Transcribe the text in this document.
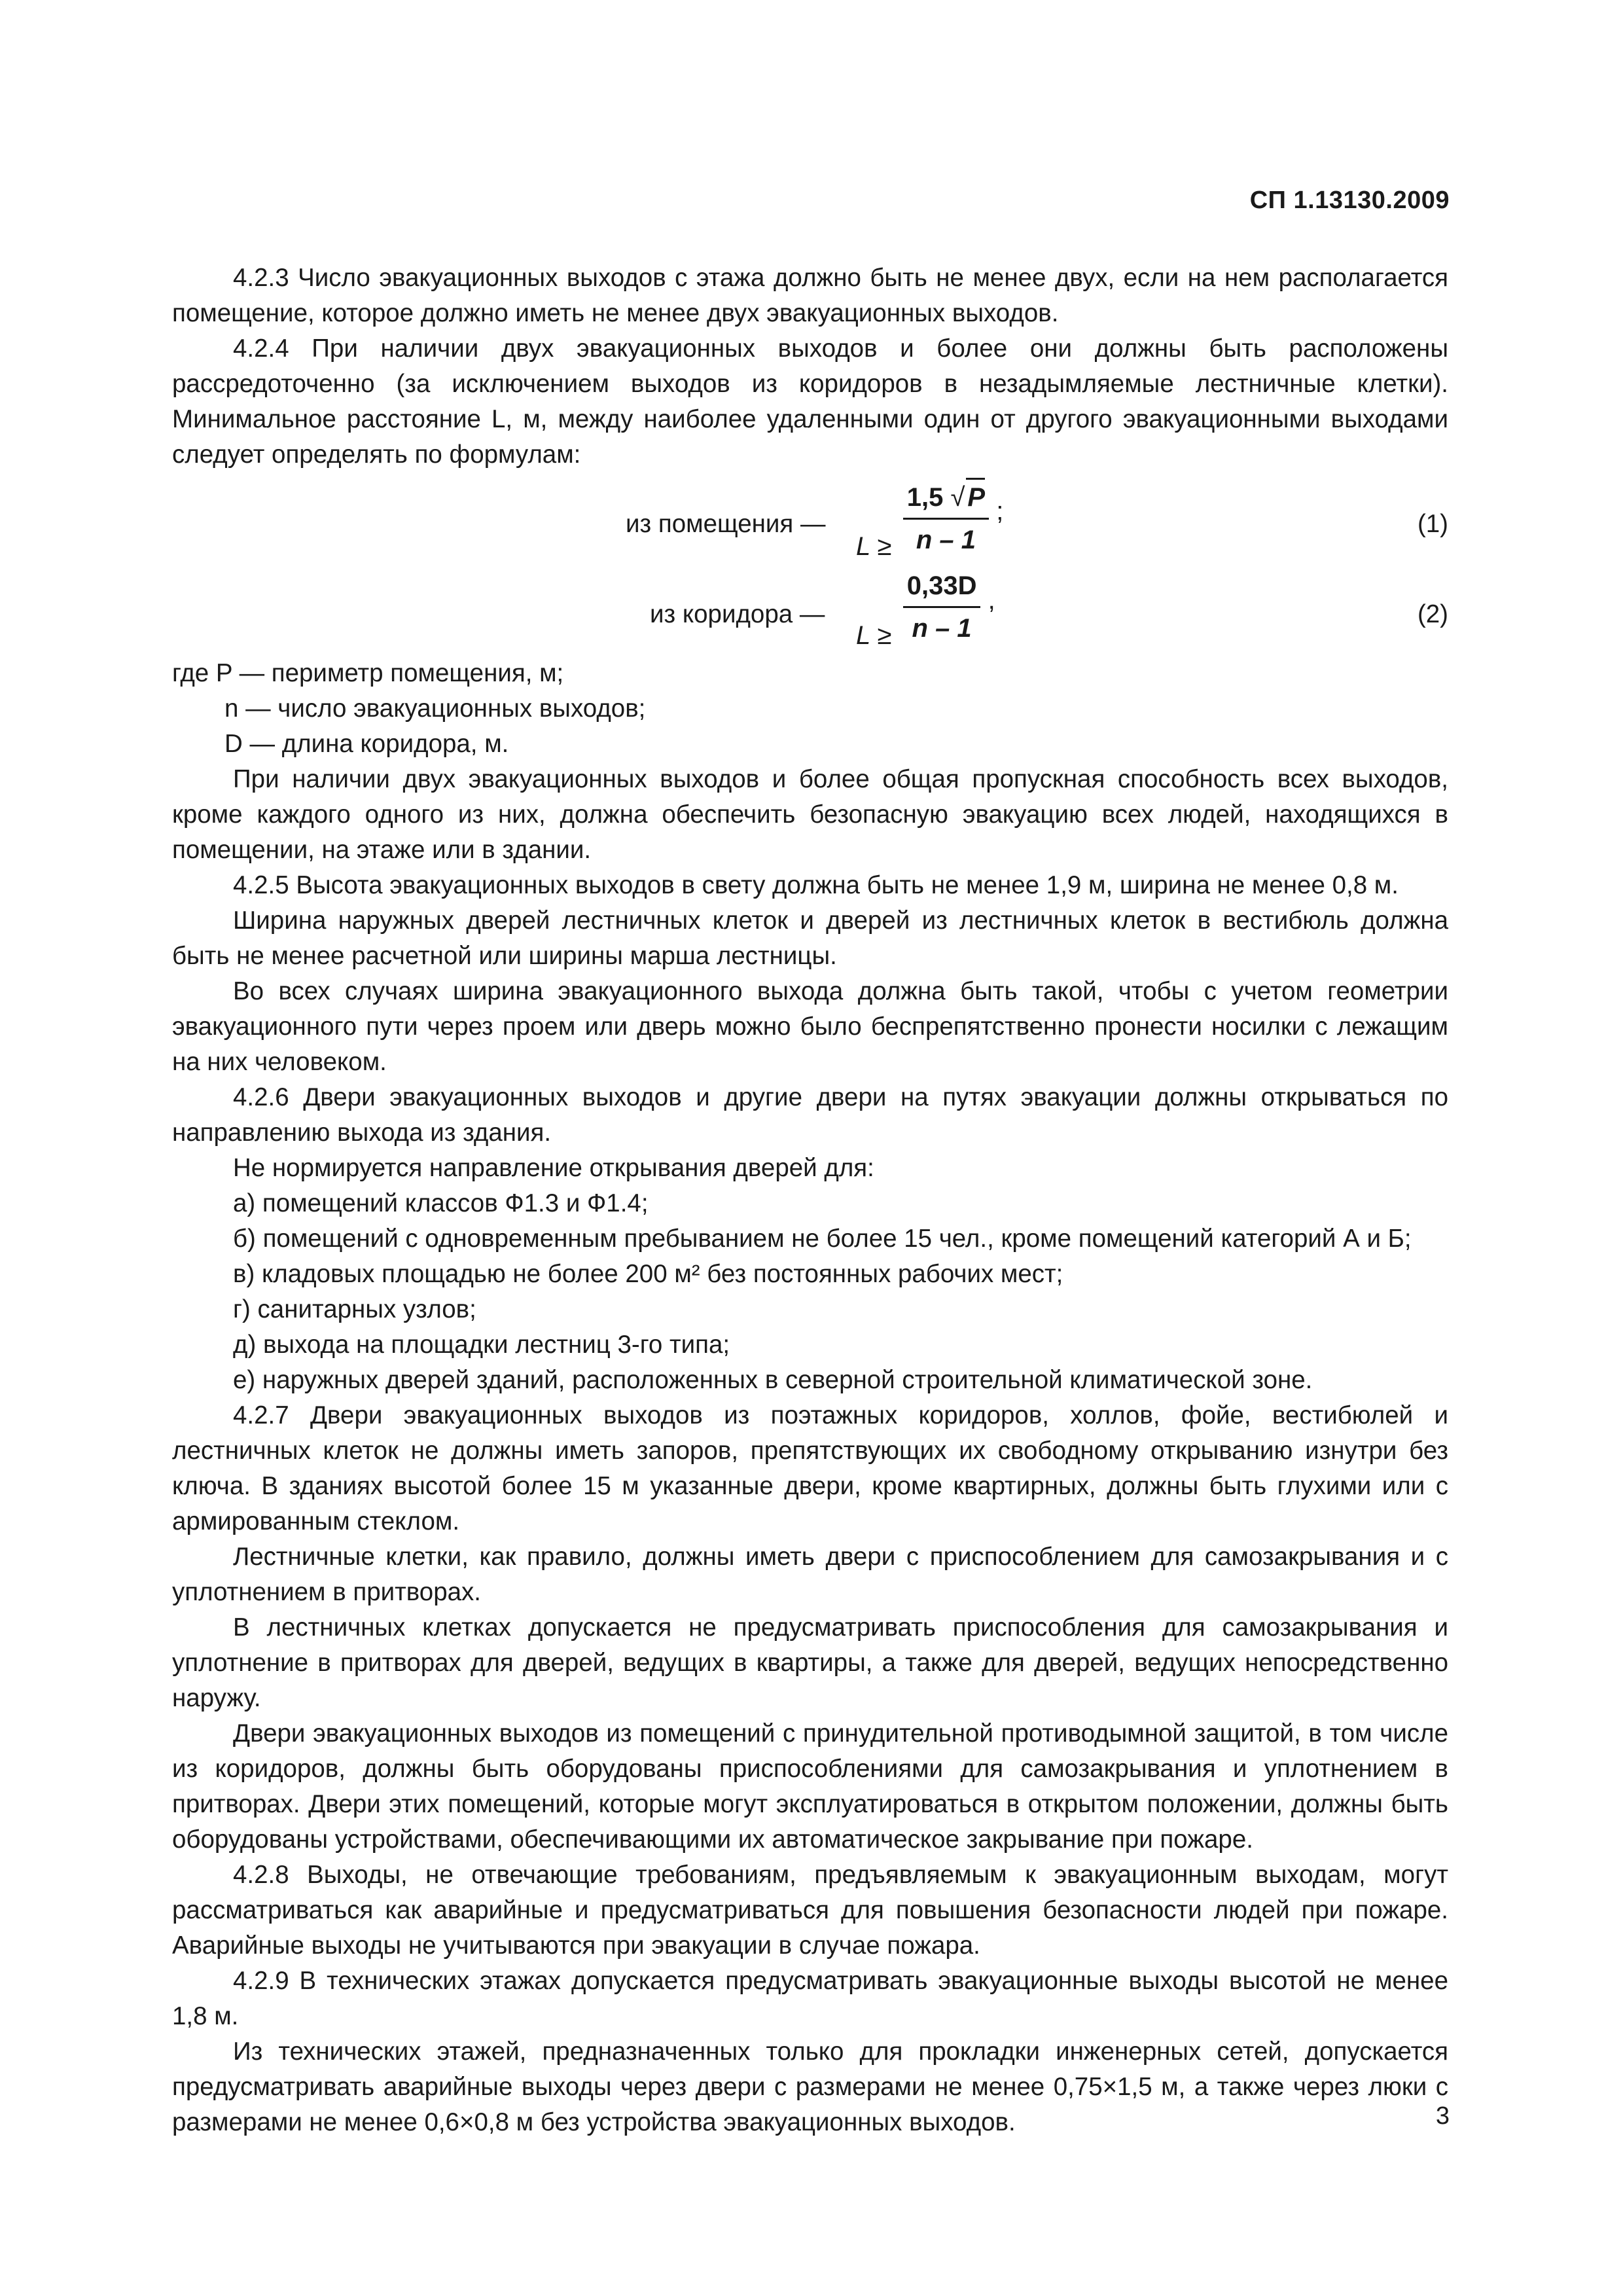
СП 1.13130.2009

4.2.3 Число эвакуационных выходов с этажа должно быть не менее двух, если на нем располагается помещение, которое должно иметь не менее двух эвакуационных выходов.

4.2.4 При наличии двух эвакуационных выходов и более они должны быть расположены рассредоточенно (за исключением выходов из коридоров в незадымляемые лестничные клетки). Минимальное расстояние L, м, между наиболее удаленными один от другого эвакуационными выходами следует определять по формулам:

из помещения —
$L \ge \frac{1,5 √ P}{n - 1}$ ;	(1)
из коридора —
$L \ge \frac{0,33D}{n - 1}$ ,	(2)

где P — периметр помещения, м;

n — число эвакуационных выходов;

D — длина коридора, м.

При наличии двух эвакуационных выходов и более общая пропускная способность всех выходов, кроме каждого одного из них, должна обеспечить безопасную эвакуацию всех людей, находящихся в помещении, на этаже или в здании.

4.2.5 Высота эвакуационных выходов в свету должна быть не менее 1,9 м, ширина не менее 0,8 м.

Ширина наружных дверей лестничных клеток и дверей из лестничных клеток в вестибюль должна быть не менее расчетной или ширины марша лестницы.

Во всех случаях ширина эвакуационного выхода должна быть такой, чтобы с учетом геометрии эвакуационного пути через проем или дверь можно было беспрепятственно пронести носилки с лежащим на них человеком.

4.2.6 Двери эвакуационных выходов и другие двери на путях эвакуации должны открываться по направлению выхода из здания.

Не нормируется направление открывания дверей для:

а) помещений классов Ф1.3 и Ф1.4;

б) помещений с одновременным пребыванием не более 15 чел., кроме помещений категорий А и Б;

в) кладовых площадью не более 200 м² без постоянных рабочих мест;

г) санитарных узлов;

д) выхода на площадки лестниц 3-го типа;

е) наружных дверей зданий, расположенных в северной строительной климатической зоне.

4.2.7 Двери эвакуационных выходов из поэтажных коридоров, холлов, фойе, вестибюлей и лестничных клеток не должны иметь запоров, препятствующих их свободному открыванию изнутри без ключа. В зданиях высотой более 15 м указанные двери, кроме квартирных, должны быть глухими или с армированным стеклом.

Лестничные клетки, как правило, должны иметь двери с приспособлением для самозакрывания и с уплотнением в притворах.

В лестничных клетках допускается не предусматривать приспособления для самозакрывания и уплотнение в притворах для дверей, ведущих в квартиры, а также для дверей, ведущих непосредственно наружу.

Двери эвакуационных выходов из помещений с принудительной противодымной защитой, в том числе из коридоров, должны быть оборудованы приспособлениями для самозакрывания и уплотнением в притворах. Двери этих помещений, которые могут эксплуатироваться в открытом положении, должны быть оборудованы устройствами, обеспечивающими их автоматическое закрывание при пожаре.

4.2.8 Выходы, не отвечающие требованиям, предъявляемым к эвакуационным выходам, могут рассматриваться как аварийные и предусматриваться для повышения безопасности людей при пожаре. Аварийные выходы не учитываются при эвакуации в случае пожара.

4.2.9 В технических этажах допускается предусматривать эвакуационные выходы высотой не менее 1,8 м.

Из технических этажей, предназначенных только для прокладки инженерных сетей, допускается предусматривать аварийные выходы через двери с размерами не менее 0,75×1,5 м, а также через люки с размерами не менее 0,6×0,8 м без устройства эвакуационных выходов.	3
